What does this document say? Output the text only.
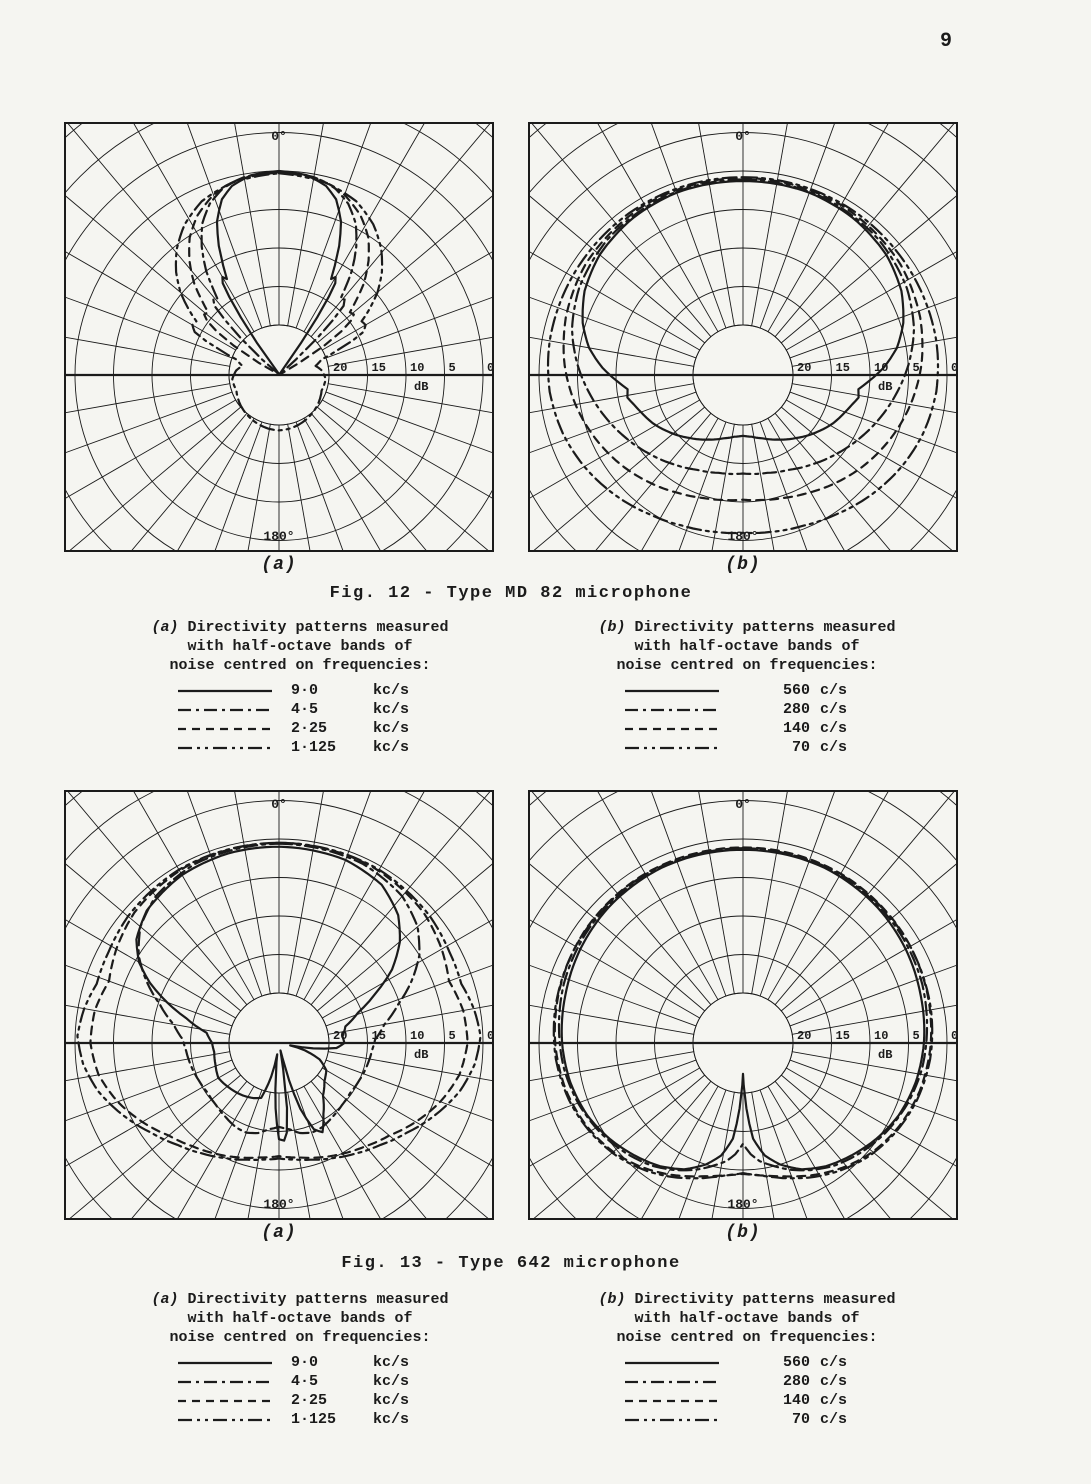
9
0°
180°
20 15 10 5	0
dB
(a)
0°
180°
20 15 10 5	0
dB
(b)
Fig. 12 - Type MD 82 microphone
(a) Directivity patterns measured
with half-octave bands of
noise centred on frequencies:
	9·0	kc/s

	4·5	kc/s

	2·25	kc/s

	1·125	kc/s
(b) Directivity patterns measured
with half-octave bands of
noise centred on frequencies:
	560	c/s

	280	c/s

	140	c/s

	70	c/s
0°
180°
20 15 10 5	0
dB
(a)
0°
180°
20 15 10 5	0
dB
(b)
Fig. 13 - Type 642 microphone
(a) Directivity patterns measured
with half-octave bands of
noise centred on frequencies:
	9·0	kc/s

	4·5	kc/s

	2·25	kc/s

	1·125	kc/s
(b) Directivity patterns measured
with half-octave bands of
noise centred on frequencies:
	560	c/s

	280	c/s

	140	c/s

	70	c/s
